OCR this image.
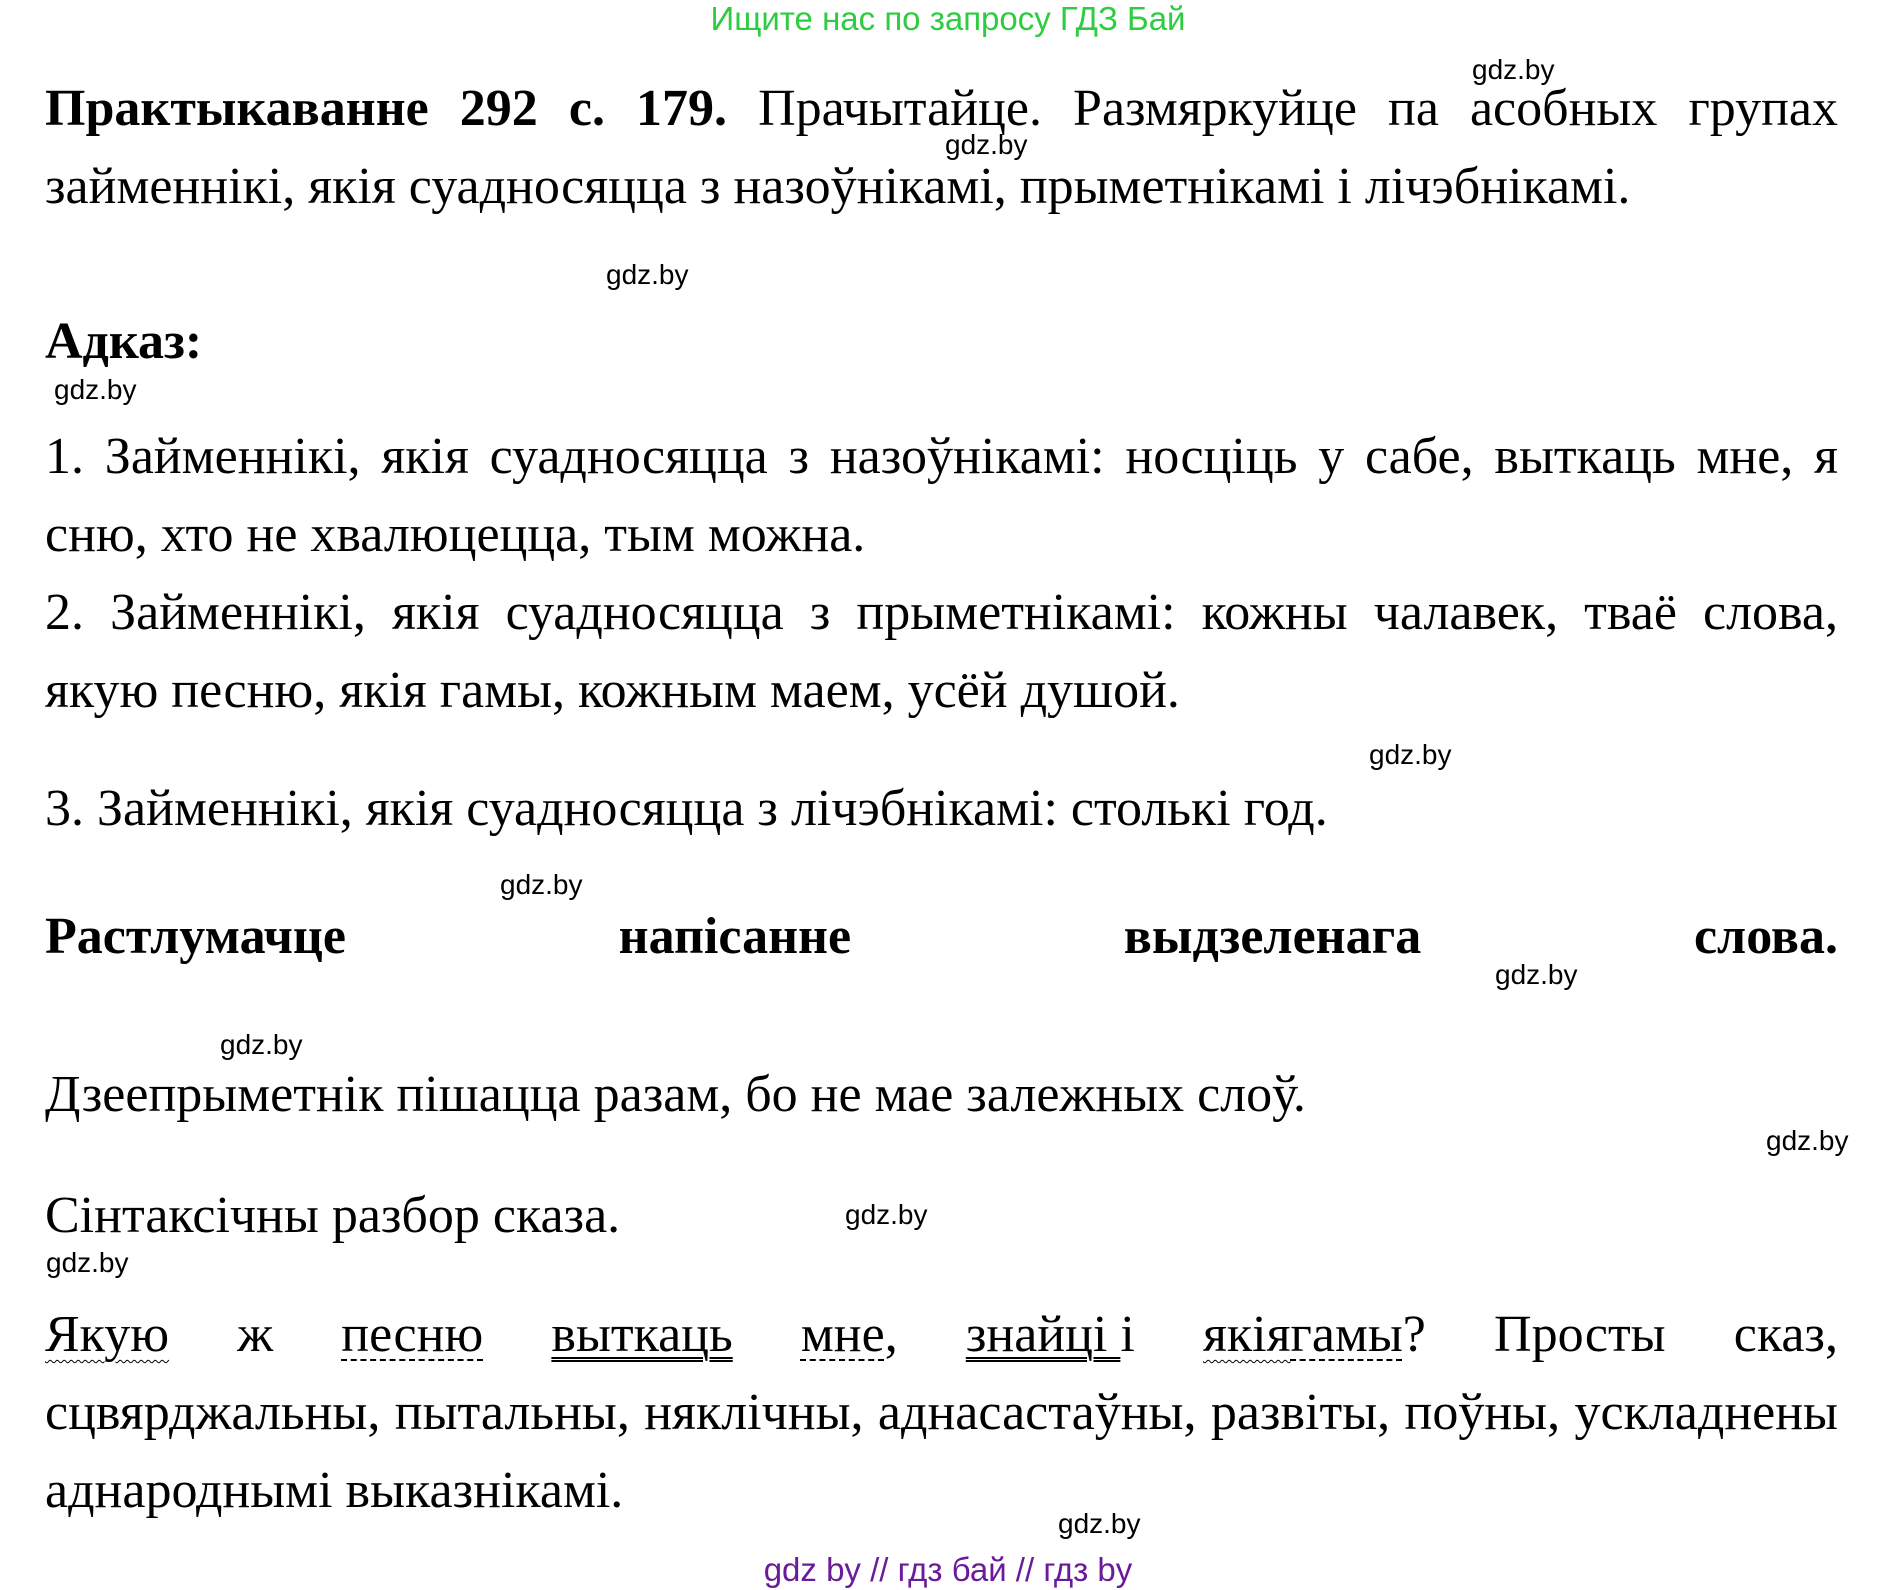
Ищите нас по запросу ГДЗ Бай

Практыкаванне 292 с. 179. Прачытайце. Размяркуйце па асобных групах займеннікі, якія суадносяцца з назоўнікамі, прыметнікамі і лічэбнікамі.

Адказ:

1. Займеннікі, якія суадносяцца з назоўнікамі: носціць у сабе, выткаць мне, я сню, хто не хвалюцецца, тым можна.

2. Займеннікі, якія суадносяцца з прыметнікамі: кожны чалавек, тваё слова, якую песню, якія гамы, кожным маем, усёй душой.

3. Займеннікі, якія суадносяцца з лічэбнікамі: столькі год.

Растлумачце напісанне выдзеленага слова.

Дзеепрыметнік пішацца разам, бо не мае залежных слоў.
Сінтаксічны разбор сказа.
Якую ж песню выткаць мне, знайці і якіягамы? Просты сказ,

сцвярджальны, пытальны, няклічны, аднасастаўны, развіты, поўны, ускладнены аднароднымі выказнікамі.

gdz.by
gdz.by
gdz.by
gdz.by
gdz.by
gdz.by
gdz.by
gdz.by
gdz.by
gdz.by
gdz.by
gdz.by
gdz by // гдз бай // гдз by
